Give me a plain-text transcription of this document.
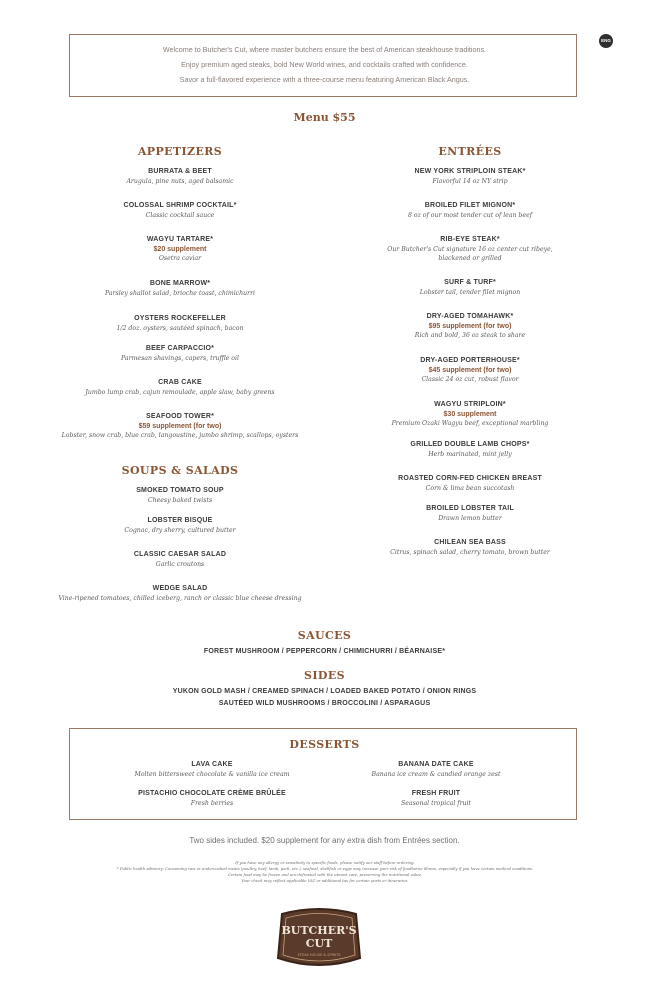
Welcome to Butcher's Cut, where master butchers ensure the best of American steakhouse traditions.
Enjoy premium aged steaks, bold New World wines, and cocktails crafted with confidence.
Savor a full-flavored experience with a three-course menu featuring American Black Angus.
ENG
Menu $55
APPETIZERS
BURRATA & BEET
Arugula, pine nuts, aged balsamic
COLOSSAL SHRIMP COCKTAIL*
Classic cocktail sauce
WAGYU TARTARE*
$20 supplement
Osetra caviar
BONE MARROW*
Parsley shallot salad, brioche toast, chimichurri
OYSTERS ROCKEFELLER
1/2 doz. oysters, sautéed spinach, bacon
BEEF CARPACCIO*
Parmesan shavings, capers, truffle oil
CRAB CAKE
Jumbo lump crab, cajun remoulade, apple slaw, baby greens
SEAFOOD TOWER*
$59 supplement (for two)
Lobster, snow crab, blue crab, langoustine, jumbo shrimp, scallops, oysters
SOUPS & SALADS
SMOKED TOMATO SOUP
Cheesy baked twists
LOBSTER BISQUE
Cognac, dry sherry, cultured butter
CLASSIC CAESAR SALAD
Garlic croutons
WEDGE SALAD
Vine-ripened tomatoes, chilled iceberg, ranch or classic blue cheese dressing
ENTRÉES
NEW YORK STRIPLOIN STEAK*
Flavorful 14 oz NY strip
BROILED FILET MIGNON*
8 oz of our most tender cut of lean beef
RIB-EYE STEAK*
Our Butcher's Cut signature 16 oz center cut ribeye,
blackened or grilled
SURF & TURF*
Lobster tail, tender filet mignon
DRY-AGED TOMAHAWK*
$95 supplement (for two)
Rich and bold, 36 oz steak to share
DRY-AGED PORTERHOUSE*
$45 supplement (for two)
Classic 24 oz cut, robust flavor
WAGYU STRIPLOIN*
$30 supplement
Premium Ozaki Wagyu beef, exceptional marbling
GRILLED DOUBLE LAMB CHOPS*
Herb marinated, mint jelly
ROASTED CORN-FED CHICKEN BREAST
Corn & lima bean succotash
BROILED LOBSTER TAIL
Drawn lemon butter
CHILEAN SEA BASS
Citrus, spinach salad, cherry tomato, brown butter
SAUCES
FOREST MUSHROOM / PEPPERCORN / CHIMICHURRI / BÉARNAISE*
SIDES
YUKON GOLD MASH / CREAMED SPINACH / LOADED BAKED POTATO / ONION RINGS
SAUTÉED WILD MUSHROOMS / BROCCOLINI / ASPARAGUS
DESSERTS
LAVA CAKE
Molten bittersweet chocolate & vanilla ice cream
BANANA DATE CAKE
Banana ice cream & candied orange zest
PISTACHIO CHOCOLATE CRÈME BRÛLÉE
Fresh berries
FRESH FRUIT
Seasonal tropical fruit
Two sides included. $20 supplement for any extra dish from Entrées section.
If you have any allergy or sensitivity to specific foods, please notify our staff before ordering.
* Public health advisory: Consuming raw or undercooked meats (poultry, beef, lamb, pork, etc.), seafood, shellfish or eggs may increase your risk of foodborne illness, especially if you have certain medical conditions.
Certain food may be frozen and are defrosted with the utmost care, preserving the nutritional value.
Your check may reflect applicable VAT or additional tax for certain ports or itineraries.
BUTCHER'S
CUT
STEAK HOUSE & SPIRITS
